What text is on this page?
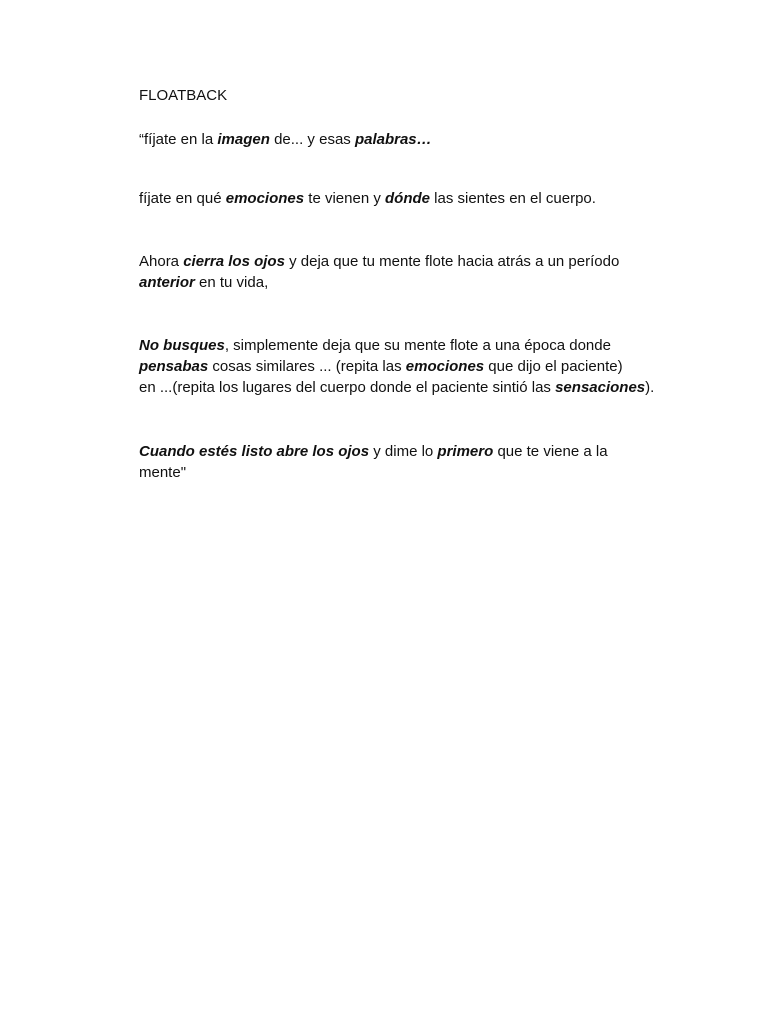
FLOATBACK
“fíjate en la imagen de... y esas palabras…
fíjate en qué emociones te vienen y dónde las sientes en el cuerpo.
Ahora cierra los ojos y deja que tu mente flote hacia atrás a un período
anterior en tu vida,
No busques, simplemente deja que su mente flote a una época donde
pensabas cosas similares ... (repita las emociones que dijo el paciente)
en ...(repita los lugares del cuerpo donde el paciente sintió las sensaciones).
Cuando estés listo abre los ojos y dime lo primero que te viene a la
mente"
